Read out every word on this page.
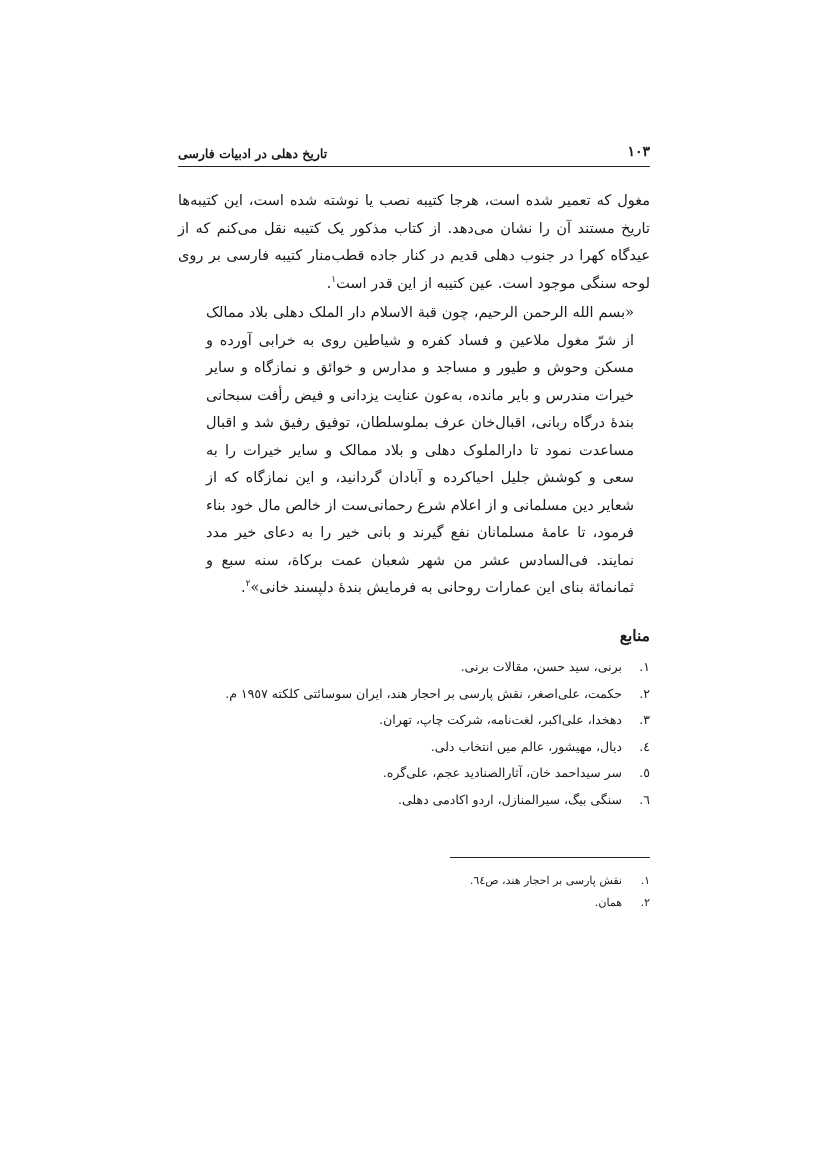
١٠٣
تاریخ دهلی در ادبیات فارسی

مغول که تعمیر شده است، هرجا کتیبه نصب یا نوشته شده است، این کتیبه‌ها تاریخ مستند آن را نشان می‌دهد. از کتاب مذکور یک کتیبه نقل می‌کنم که از عیدگاه کهرا در جنوب دهلی قدیم در کنار جاده قطب‌منار کتیبه فارسی بر روی لوحه سنگی موجود است. عین کتیبه از این قدر است$^١$.

«بسم الله الرحمن الرحیم، چون قبة الاسلام دار الملک دهلی بلاد ممالک از شرّ مغول ملاعین و فساد کفره و شیاطین روی به خرابی آورده و مسکن وحوش و طیور و مساجد و مدارس و خوائق و نمازگاه و سایر خیرات مندرس و بایر مانده، به‌عون عنایت یزدانی و فیض رأفت سبحانی بندهٔ درگاه ربانی، اقبال‌خان عرف بملوسلطان، توفیق رفیق شد و اقبال مساعدت نمود تا دارالملوک دهلی و بلاد ممالک و سایر خیرات را به سعی و کوشش جلیل احیاکرده و آبادان گردانید، و این نمازگاه که از شعایر دین مسلمانی و از اعلام شرع رحمانی‌ست از خالص مال خود بناء فرمود، تا عامهٔ مسلمانان نفع گیرند و بانی خیر را به دعای خیر مدد نمایند. فی‌السادس عشر من شهر شعبان عمت برکاة، سنه سبع و ثمانمائة بنای این عمارات روحانی به فرمایش بندهٔ دلپسند خانی»$^٢$.

منابع
١.
برنی، سید حسن، مقالات برنی.
٢.
حکمت، علی‌اصغر، نقش پارسی بر احجار هند، ایران سوسائتی کلکته ١٩٥٧ م.
٣.
دهخدا، علی‌اکبر، لغت‌نامه، شرکت چاپ، تهران.
٤.
دیال، مهیشور، عالم میں انتخاب دلی.
٥.
سر سیداحمد خان، آثارالصنادید عجم، علی‌گره.
٦.
سنگی بیگ، سیرالمنازل، اردو اکادمی دهلی.
١.
نقش پارسی بر احجار هند، ص٦٤.
٢.
همان.
